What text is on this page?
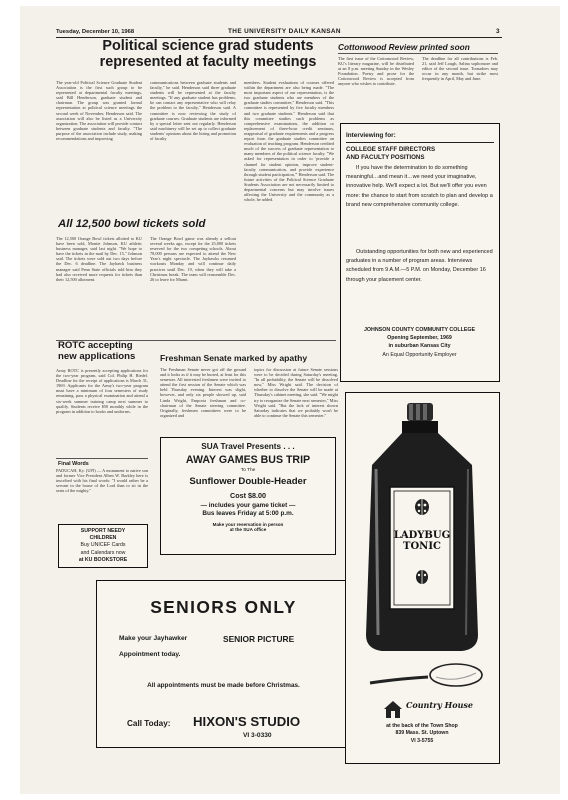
Tuesday, December 10, 1968	THE UNIVERSITY DAILY KANSAN	3
Political science grad students
represented at faculty meetings
The year-old Political Science Graduate Student Association is the first such group to be represented at departmental faculty meetings, said Bill Henderson, graduate student and chairman. The group was granted formal representation at political science meetings the second week of November, Henderson said. The association will also be listed as a University organization. The association will provide contact between graduate students and faculty. "The purpose of the association include study, making recommendations and improving
communications between graduate students and faculty," he said. Henderson said three graduate students will be represented at the faculty meetings. "If any graduate student has problems, he can contact any representative who will relay the problem to the faculty," Henderson said. A committee is now reviewing the study of graduate courses. Graduate students are informed by a special letter sent out regularly. Henderson said machinery will be set up to collect graduate students' opinions about the hiring and promotion of faculty
members. Student evaluations of courses offered within the department are also being made. "The most important aspect of our representation, is the two graduate students who are members of the graduate studies committee," Henderson said. "This committee is represented by five faculty members and two graduate students." Henderson said that this committee studies such problems as comprehensive examinations, the addition or replacement of three-hour credit seminars, reappraisal of graduate requirements and a progress report from the graduate studies committee on evaluation of teaching program. Henderson credited much of the success of graduate representation to many members of the political science faculty. "We asked for representation in order to 'provide a channel for student opinion, improve student-faculty communication, and provide experience through student participation,'" Henderson said. The future activities of the Political Science Graduate Students Association are not necessarily limited to departmental concerns but may involve issues affecting the University and the community as a whole, he added.
Cottonwood Review printed soon
The first issue of the Cottonwood Review, KU's literary magazine, will be distributed at an 8 p.m. meeting Sunday in the Wesley Foundation. Poetry and prose for the Cottonwood Review is accepted from anyone who wishes to contribute.
The deadline for all contributions is Feb. 21, said Jeff Lough, Salina sophomore and editor of the second issue. Tornadoes may occur in any month, but strike most frequently in April, May and June.
All 12,500 bowl tickets sold
The 12,500 Orange Bowl tickets allotted to KU have been sold, Montie Johnson, KU athletic business manager, said last night. "We hope to have the tickets in the mail by Dec. 15," Johnson said. The tickets were sold out two days before the Dec. 6 deadline. The Jayhawk business manager said Penn State officials told him they had also received more requests for tickets than their 12,500 allotment.
The Orange Bowl game was already a sellout several weeks ago, except for the 25,000 tickets reserved for the two competing schools. About 78,000 persons are expected to attend the New Year's night spectacle. The Jayhawks resumed workouts Monday and will continue daily practices until Dec. 19, when they will take a Christmas break. The team will reassemble Dec. 26 to leave for Miami.
ROTC accepting
new applications
Army ROTC is presently accepting applications for the two-year program, said Col. Philip H. Riedel. Deadline for the receipt of applications is March 31, 1969. Applicants for the Army's two-year program must have a minimum of four semesters of study remaining, pass a physical examination and attend a six-week summer training camp next summer to qualify. Students receive $50 monthly while in the program in addition to books and uniforms.
Final Words
PADUCAH, Ky. (UPI) — A monument to native son and former Vice President Alben W. Barkley here is inscribed with his final words: "I would rather be a servant in the house of the Lord than to sit in the seats of the mighty."
SUPPORT NEEDY
CHILDREN
Buy UNICEF Cards
and Calendars now
at KU BOOKSTORE
Freshman Senate marked by apathy
The Freshman Senate never got off the ground and it looks as if it may be buried, at least for this semester. All interested freshmen were invited to attend the first session of the Senate which was held Thursday evening. Interest was slight, however, and only six people showed up, said Linda Wright, Emporia freshman and co-chairman of the Senate steering committee. Originally, freshmen committees were to be organized and
topics for discussion at future Senate sessions were to be decided during Saturday's meeting. "In all probability, the Senate will be dissolved now," Miss Wright said. The decision of whether to dissolve the Senate will be made at Thursday's cabinet meeting, she said. "We might try to reorganize the Senate next semester," Miss Wright said. "But the lack of interest shown Saturday indicates that we probably won't be able to continue the Senate this semester."
Interviewing for:
COLLEGE STAFF DIRECTORS
AND FACULTY POSITIONS
If you have the determination to do something meaningful…and mean it…we need your imaginative, innovative help. We'll expect a lot. But we'll offer you even more: the chance to start from scratch to plan and develop a brand new comprehensive community college.
Outstanding opportunities for both new and experienced graduates in a number of program areas. Interviews scheduled from 9 A.M.—5 P.M. on Monday, December 16 through your placement center.
JOHNSON COUNTY COMMUNITY COLLEGE
Opening September, 1969
in suburban Kansas City
An Equal Opportunity Employer
SUA Travel Presents . . .
AWAY GAMES BUS TRIP
To The
Sunflower Double-Header
Cost $8.00
— includes your game ticket —
Bus leaves Friday at 5:00 p.m.
Make your reservation in person
at the SUA office
SENIORS ONLY
Make your Jayhawker	SENIOR PICTURE
Appointment today.
All appointments must be made before Christmas.
Call Today: HIXON'S STUDIO
VI 3-0330
LADYBUG
TONIC
Country House
at the back of the Town Shop
839 Mass. St. Uptown
VI 3-5755
